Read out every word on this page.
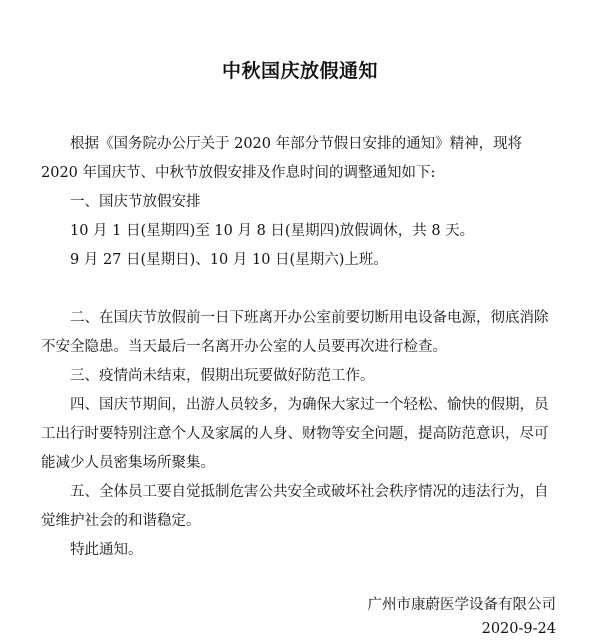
中秋国庆放假通知

根据《国务院办公厅关于 2020 年部分节假日安排的通知》精神，现将 2020 年国庆节、中秋节放假安排及作息时间的调整通知如下:

一、国庆节放假安排

10 月 1 日(星期四)至 10 月 8 日(星期四)放假调休，共 8 天。

9 月 27 日(星期日)、10 月 10 日(星期六)上班。

二、在国庆节放假前一日下班离开办公室前要切断用电设备电源，彻底消除不安全隐患。当天最后一名离开办公室的人员要再次进行检查。

三、疫情尚未结束，假期出玩要做好防范工作。

四、国庆节期间，出游人员较多，为确保大家过一个轻松、愉快的假期，员工出行时要特别注意个人及家属的人身、财物等安全问题，提高防范意识，尽可能减少人员密集场所聚集。

五、全体员工要自觉抵制危害公共安全或破坏社会秩序情况的违法行为，自觉维护社会的和谐稳定。

特此通知。

广州市康蔚医学设备有限公司
2020-9-24
